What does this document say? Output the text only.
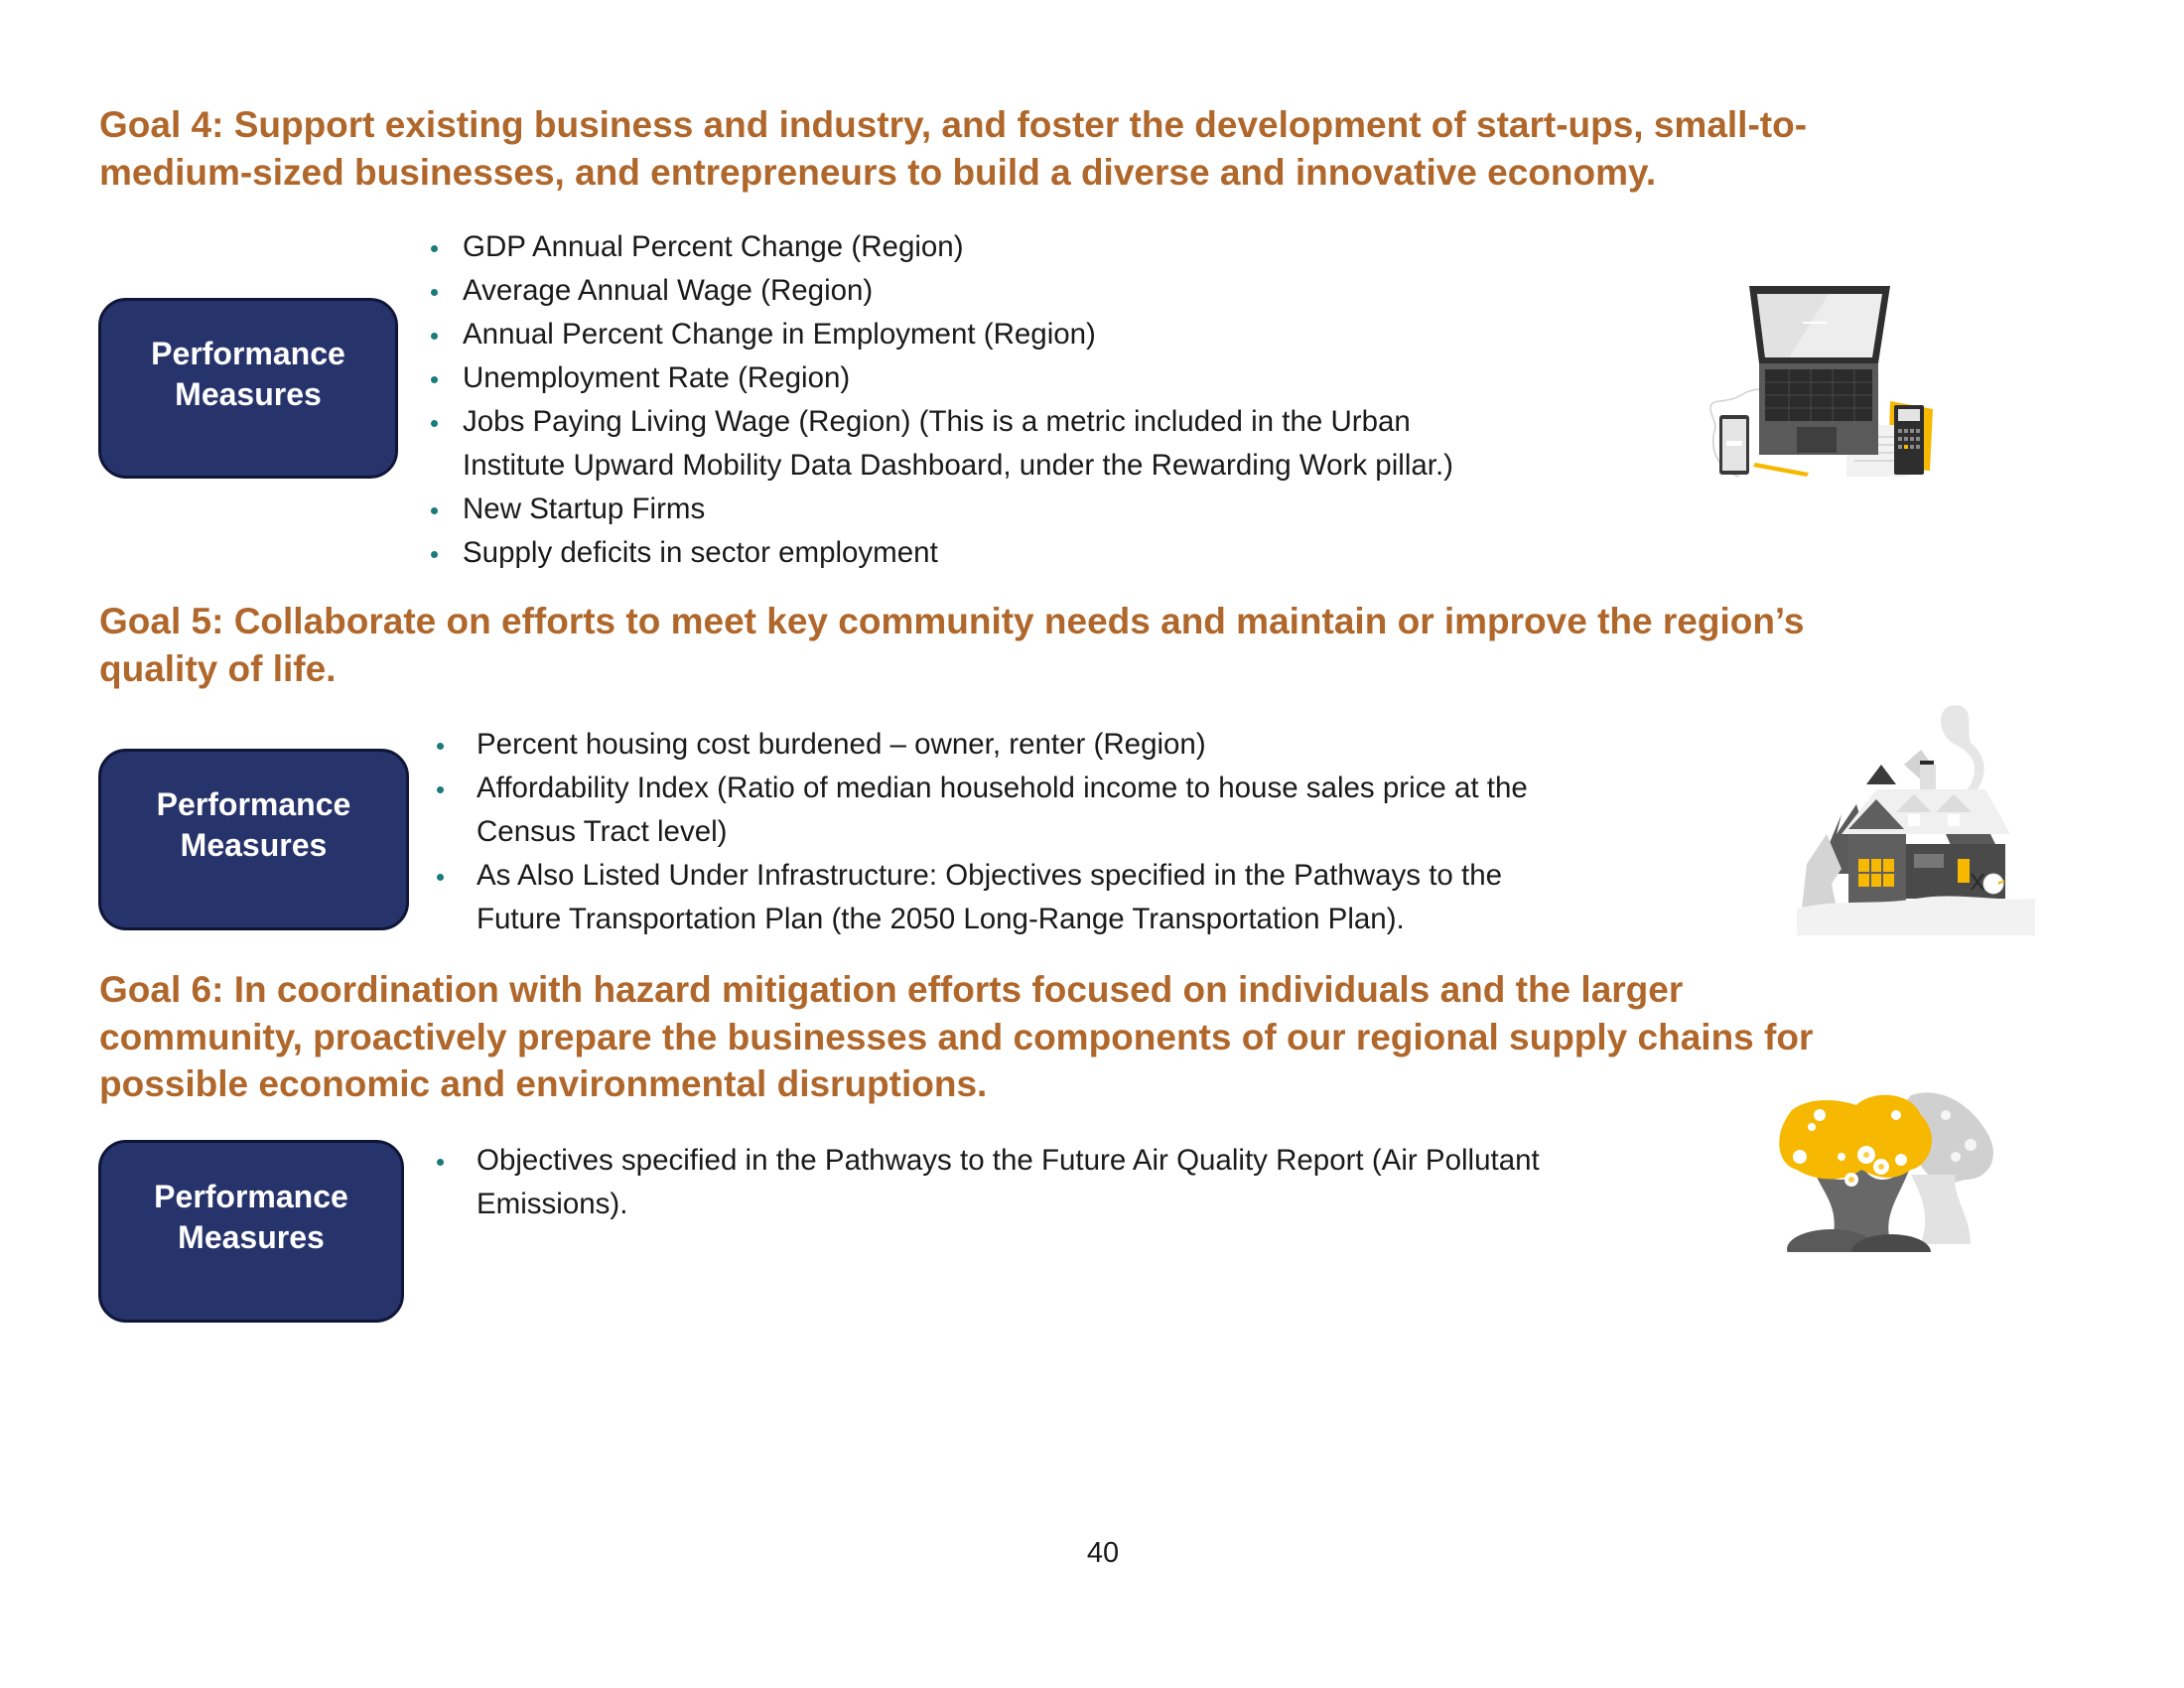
Goal 4: Support existing business and industry, and foster the development of start-ups, small-to-
medium-sized businesses, and entrepreneurs to build a diverse and innovative economy.
Performance
Measures
GDP Annual Percent Change (Region)
Average Annual Wage (Region)
Annual Percent Change in Employment (Region)
Unemployment Rate (Region)
Jobs Paying Living Wage (Region) (This is a metric included in the Urban
Institute Upward Mobility Data Dashboard, under the Rewarding Work pillar.)
New Startup Firms
Supply deficits in sector employment
Goal 5: Collaborate on efforts to meet key community needs and maintain or improve the region’s
quality of life.
Performance
Measures
Percent housing cost burdened – owner, renter (Region)
Affordability Index (Ratio of median household income to house sales price at the
Census Tract level)
As Also Listed Under Infrastructure: Objectives specified in the Pathways to the
Future Transportation Plan (the 2050 Long-Range Transportation Plan).
Goal 6: In coordination with hazard mitigation efforts focused on individuals and the larger
community, proactively prepare the businesses and components of our regional supply chains for
possible economic and environmental disruptions.
Performance
Measures
Objectives specified in the Pathways to the Future Air Quality Report (Air Pollutant
Emissions).
40
